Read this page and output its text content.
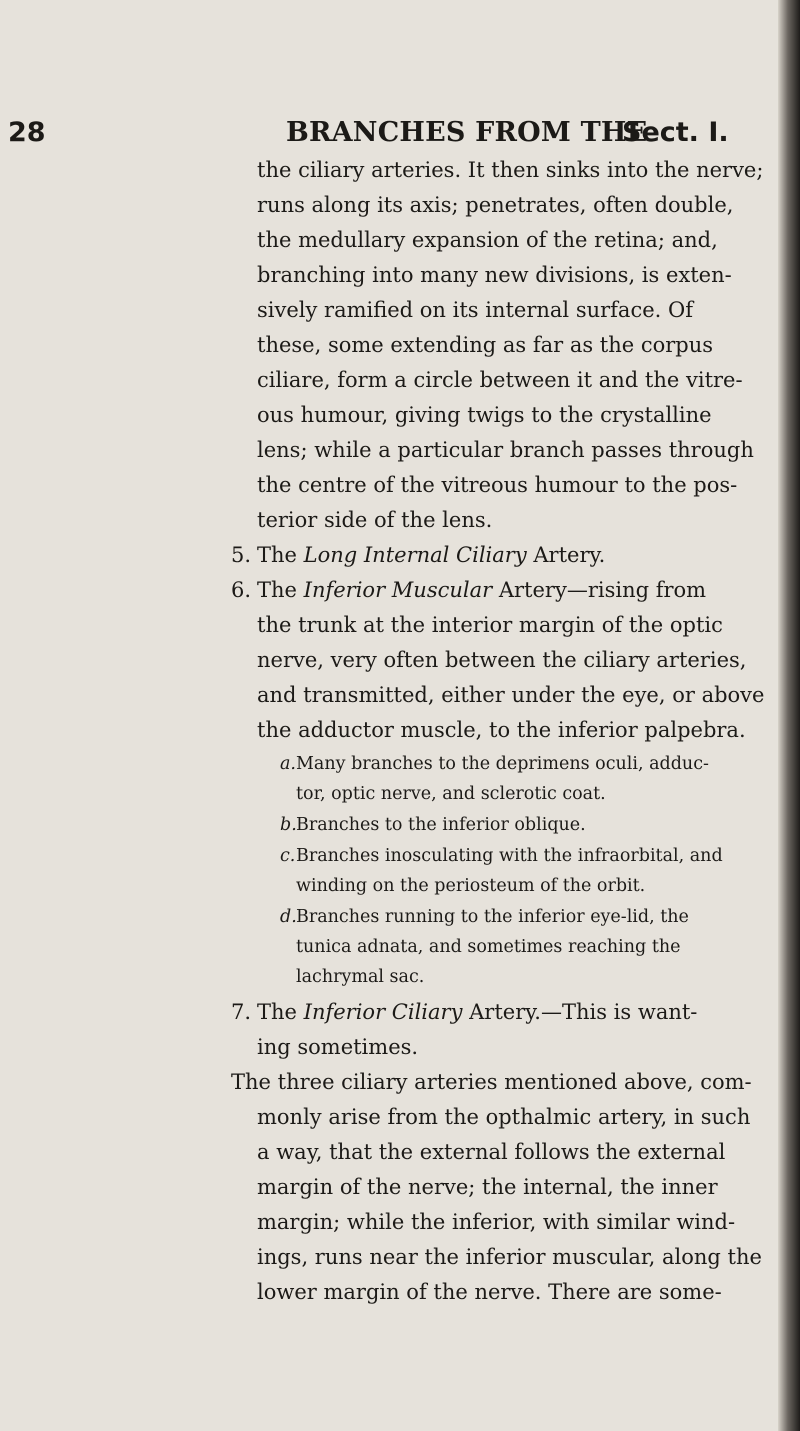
28	BRANCHES FROM THE
Sect. I.
the ciliary arteries. It then sinks into the nerve;
runs along its axis; penetrates, often double,
the medullary expansion of the retina; and,
branching into many new divisions, is exten-
sively ramified on its internal surface. Of
these, some extending as far as the corpus
ciliare, form a circle between it and the vitre-
ous humour, giving twigs to the crystalline
lens; while a particular branch passes through
the centre of the vitreous humour to the pos-
terior side of the lens.
5. The Long Internal Ciliary Artery.
6. The Inferior Muscular Artery—rising from
the trunk at the interior margin of the optic
nerve, very often between the ciliary arteries,
and transmitted, either under the eye, or above
the adductor muscle, to the inferior palpebra.
a.Many branches to the deprimens oculi, adduc-
tor, optic nerve, and sclerotic coat.
b.Branches to the inferior oblique.
c.Branches inosculating with the infraorbital, and
winding on the periosteum of the orbit.
d.Branches running to the inferior eye-lid, the
tunica adnata, and sometimes reaching the
lachrymal sac.
7. The Inferior Ciliary Artery.—This is want-
ing sometimes.
The three ciliary arteries mentioned above, com-
monly arise from the opthalmic artery, in such
a way, that the external follows the external
margin of the nerve; the internal, the inner
margin; while the inferior, with similar wind-
ings, runs near the inferior muscular, along the
lower margin of the nerve. There are some-
